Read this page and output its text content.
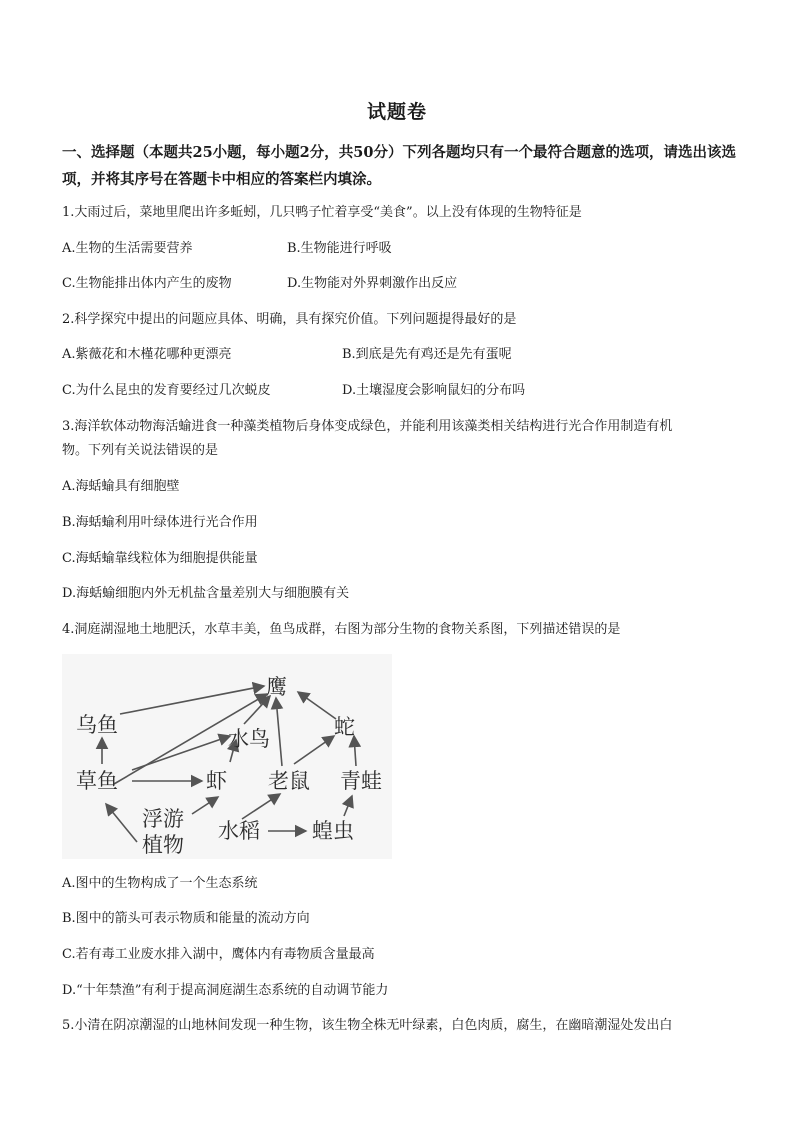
试题卷
一、选择题（本题共25小题，每小题2分，共50分）下列各题均只有一个最符合题意的选项，请选出该选项，并将其序号在答题卡中相应的答案栏内填涂。
1.大雨过后，菜地里爬出许多蚯蚓，几只鸭子忙着享受“美食”。以上没有体现的生物特征是
A.生物的生活需要营养	B.生物能进行呼吸
C.生物能排出体内产生的废物	D.生物能对外界刺激作出反应
2.科学探究中提出的问题应具体、明确，具有探究价值。下列问题提得最好的是
A.紫薇花和木槿花哪种更漂亮	B.到底是先有鸡还是先有蛋呢
C.为什么昆虫的发育要经过几次蜕皮	D.土壤湿度会影响鼠妇的分布吗
3.海洋软体动物海活蝓进食一种藻类植物后身体变成绿色，并能利用该藻类相关结构进行光合作用制造有机
物。下列有关说法错误的是
A.海蛞蝓具有细胞壁
B.海蛞蝓利用叶绿体进行光合作用
C.海蛞蝓靠线粒体为细胞提供能量
D.海蛞蝓细胞内外无机盐含量差别大与细胞膜有关
4.洞庭湖湿地土地肥沃，水草丰美，鱼鸟成群，右图为部分生物的食物关系图，下列描述错误的是
鹰
乌鱼
水鸟	蛇
草鱼	虾 老鼠 青蛙
浮游
植物
水稻 蝗虫
A.图中的生物构成了一个生态系统
B.图中的箭头可表示物质和能量的流动方向
C.若有毒工业废水排入湖中，鹰体内有毒物质含量最高
D.“十年禁渔”有利于提高洞庭湖生态系统的自动调节能力
5.小清在阴凉潮湿的山地林间发现一种生物，该生物全株无叶绿素，白色肉质，腐生，在幽暗潮湿处发出白
